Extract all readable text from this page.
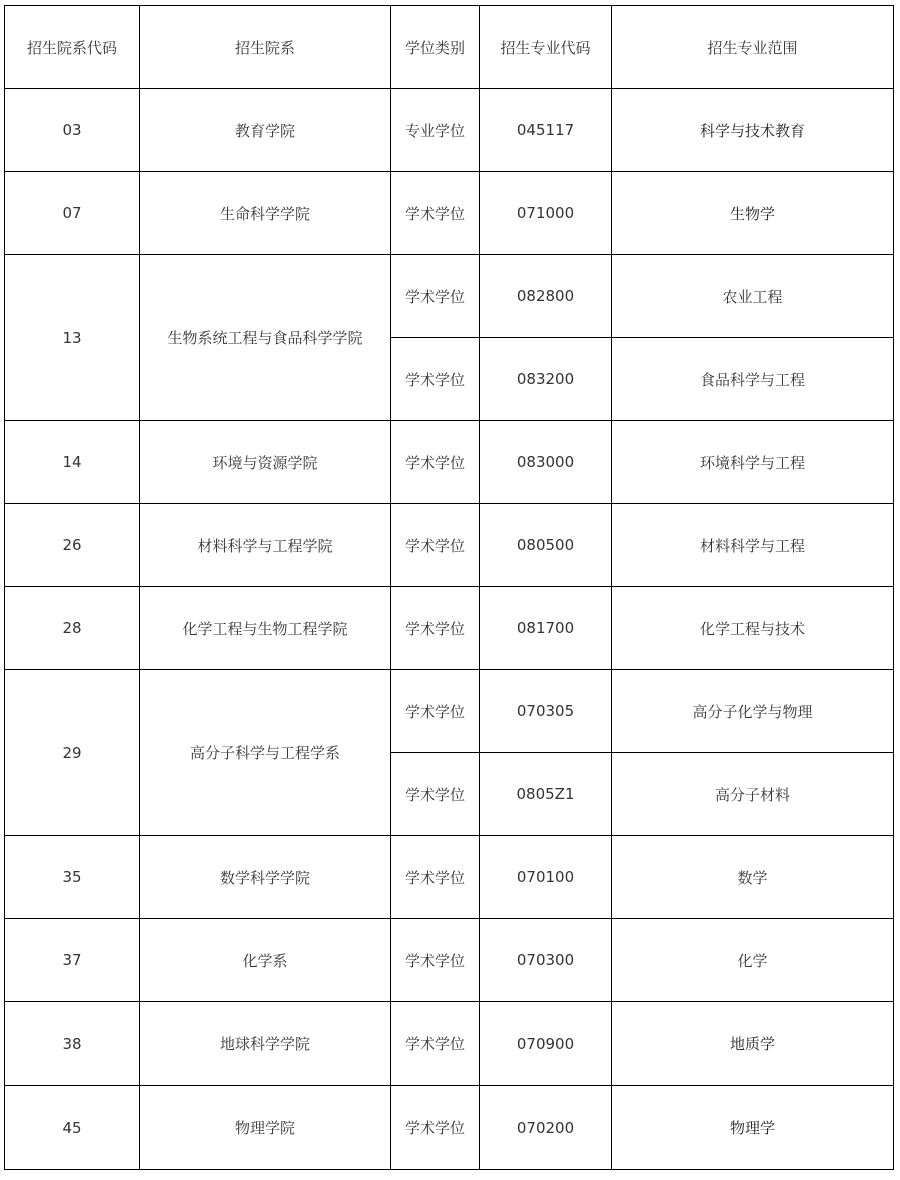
招生院系代码	招生院系	学位类别	招生专业代码	招生专业范围
03	教育学院	专业学位	045117	科学与技术教育
07	生命科学学院	学术学位	071000	生物学
13	生物系统工程与食品科学学院	学术学位	082800	农业工程
		学术学位	083200	食品科学与工程
14	环境与资源学院	学术学位	083000	环境科学与工程
26	材料科学与工程学院	学术学位	080500	材料科学与工程
28	化学工程与生物工程学院	学术学位	081700	化学工程与技术
29	高分子科学与工程学系	学术学位	070305	高分子化学与物理
		学术学位	0805Z1	高分子材料
35	数学科学学院	学术学位	070100	数学
37	化学系	学术学位	070300	化学
38	地球科学学院	学术学位	070900	地质学
45	物理学院	学术学位	070200	物理学
